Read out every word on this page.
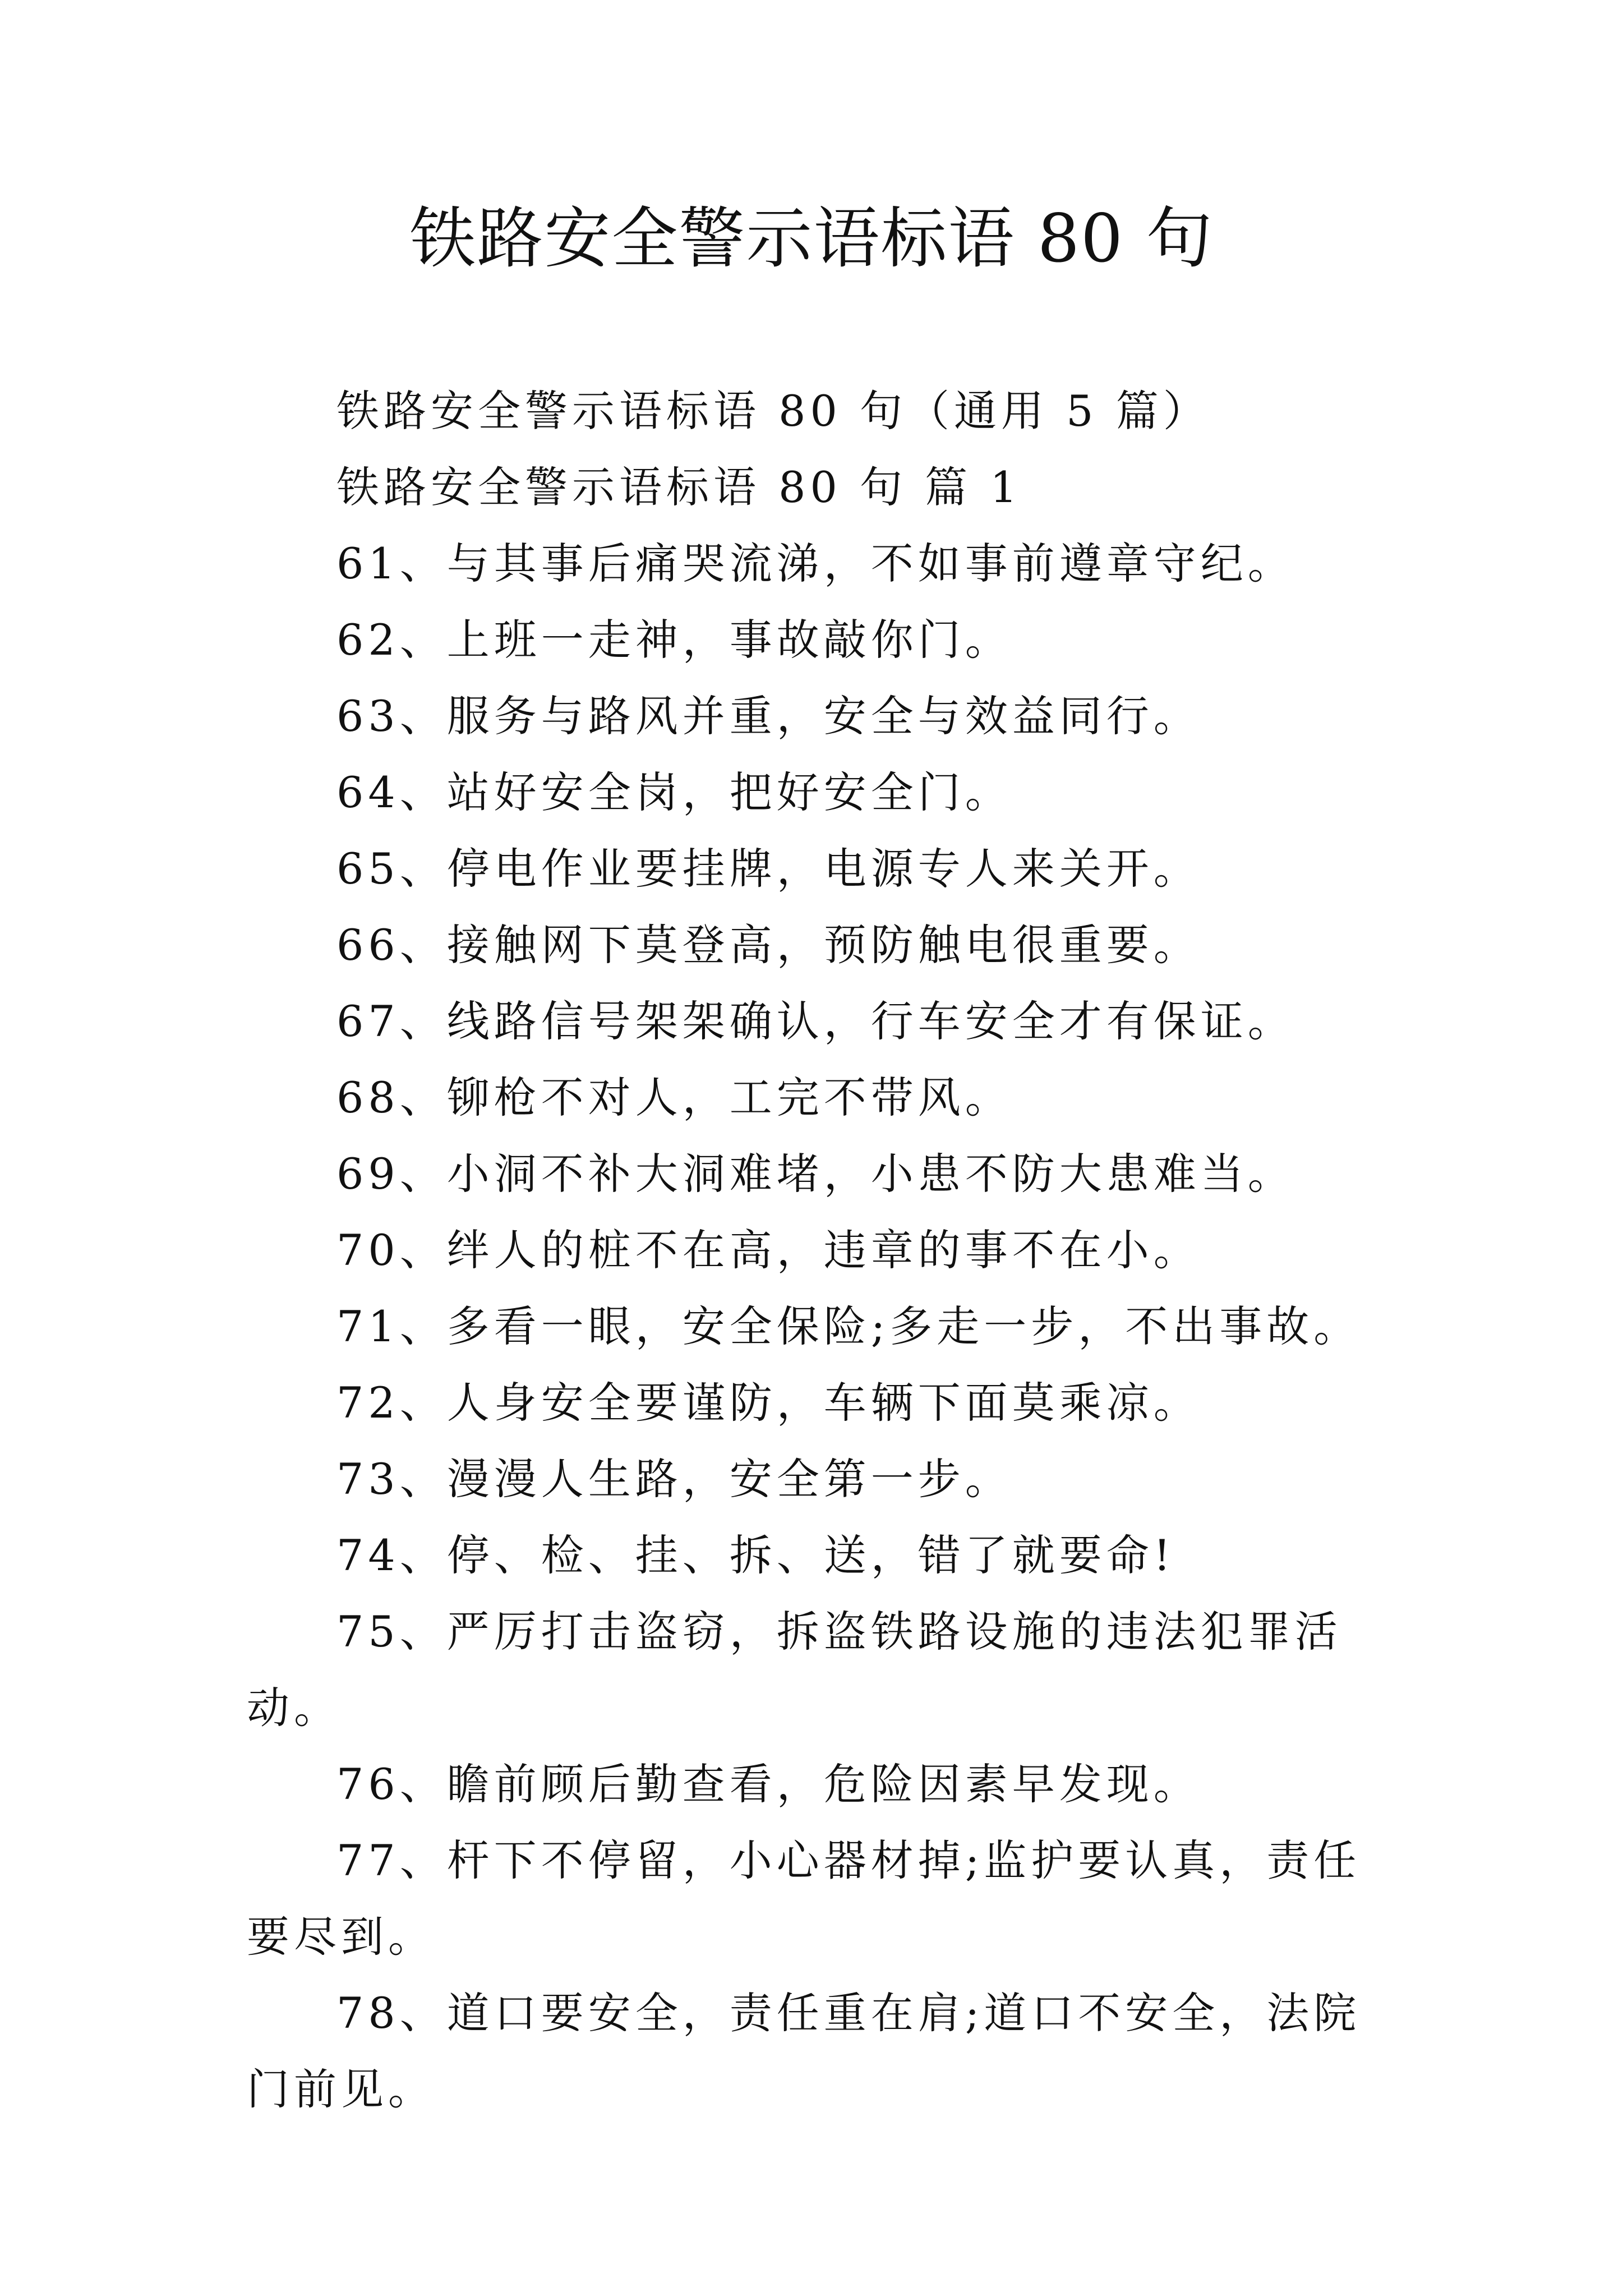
铁路安全警示语标语 80 句

铁路安全警示语标语 80 句（通用 5 篇）

铁路安全警示语标语 80 句 篇 1

61、与其事后痛哭流涕，不如事前遵章守纪。

62、上班一走神，事故敲你门。

63、服务与路风并重，安全与效益同行。

64、站好安全岗，把好安全门。

65、停电作业要挂牌，电源专人来关开。

66、接触网下莫登高，预防触电很重要。

67、线路信号架架确认，行车安全才有保证。

68、铆枪不对人，工完不带风。

69、小洞不补大洞难堵，小患不防大患难当。

70、绊人的桩不在高，违章的事不在小。

71、多看一眼，安全保险;多走一步，不出事故。

72、人身安全要谨防，车辆下面莫乘凉。

73、漫漫人生路，安全第一步。

74、停、检、挂、拆、送，错了就要命!

75、严厉打击盗窃，拆盗铁路设施的违法犯罪活动。

76、瞻前顾后勤查看，危险因素早发现。

77、杆下不停留，小心器材掉;监护要认真，责任要尽到。

78、道口要安全，责任重在肩;道口不安全，法院门前见。
